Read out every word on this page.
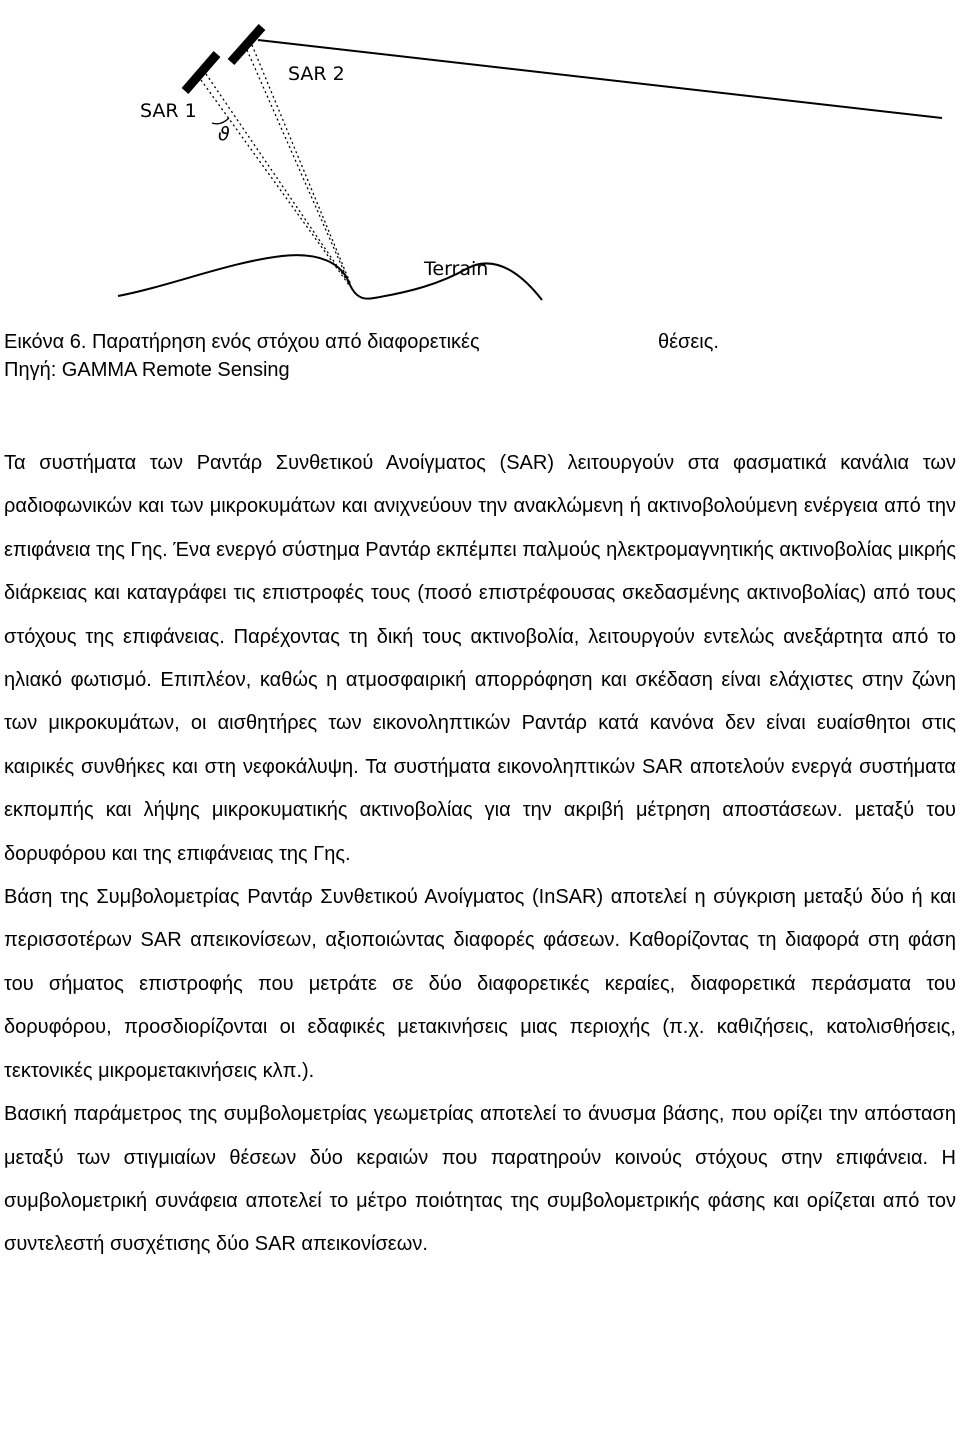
SAR 1
SAR 2
ϑ
Terrain
Εικόνα 6. Παρατήρηση ενός στόχου από διαφορετικές	θέσεις.
Πηγή: GAMMA Remote Sensing

Τα συστήματα των Ραντάρ Συνθετικού Ανοίγματος (SAR) λειτουργούν στα φασματικά κανάλια των ραδιοφωνικών και των μικροκυμάτων και ανιχνεύουν την ανακλώμενη ή ακτινοβολούμενη ενέργεια από την επιφάνεια της Γης. Ένα ενεργό σύστημα Ραντάρ εκπέμπει παλμούς ηλεκτρομαγνητικής ακτινοβολίας μικρής διάρκειας και καταγράφει τις επιστροφές τους (ποσό επιστρέφουσας σκεδασμένης ακτινοβολίας) από τους στόχους της επιφάνειας. Παρέχοντας τη δική τους ακτινοβολία, λειτουργούν εντελώς ανεξάρτητα από το ηλιακό φωτισμό. Επιπλέον, καθώς η ατμοσφαιρική απορρόφηση και σκέδαση είναι ελάχιστες στην ζώνη των μικροκυμάτων, οι αισθητήρες των εικονοληπτικών Ραντάρ κατά κανόνα δεν είναι ευαίσθητοι στις καιρικές συνθήκες και στη νεφοκάλυψη. Τα συστήματα εικονοληπτικών SAR αποτελούν ενεργά συστήματα εκπομπής και λήψης μικροκυματικής ακτινοβολίας για την ακριβή μέτρηση αποστάσεων. μεταξύ του δορυφόρου και της επιφάνειας της Γης.

Βάση της Συμβολομετρίας Ραντάρ Συνθετικού Ανοίγματος (InSAR) αποτελεί η σύγκριση μεταξύ δύο ή και περισσοτέρων SAR απεικονίσεων, αξιοποιώντας διαφορές φάσεων. Καθορίζοντας τη διαφορά στη φάση του σήματος επιστροφής που μετράτε σε δύο διαφορετικές κεραίες, διαφορετικά περάσματα του δορυφόρου, προσδιορίζονται οι εδαφικές μετακινήσεις μιας περιοχής (π.χ. καθιζήσεις, κατολισθήσεις, τεκτονικές μικρομετακινήσεις κλπ.).

Βασική παράμετρος της συμβολομετρίας γεωμετρίας αποτελεί το άνυσμα βάσης, που ορίζει την απόσταση μεταξύ των στιγμιαίων θέσεων δύο κεραιών που παρατηρούν κοινούς στόχους στην επιφάνεια. Η συμβολομετρική συνάφεια αποτελεί το μέτρο ποιότητας της συμβολομετρικής φάσης και ορίζεται από τον συντελεστή συσχέτισης δύο SAR απεικονίσεων.
